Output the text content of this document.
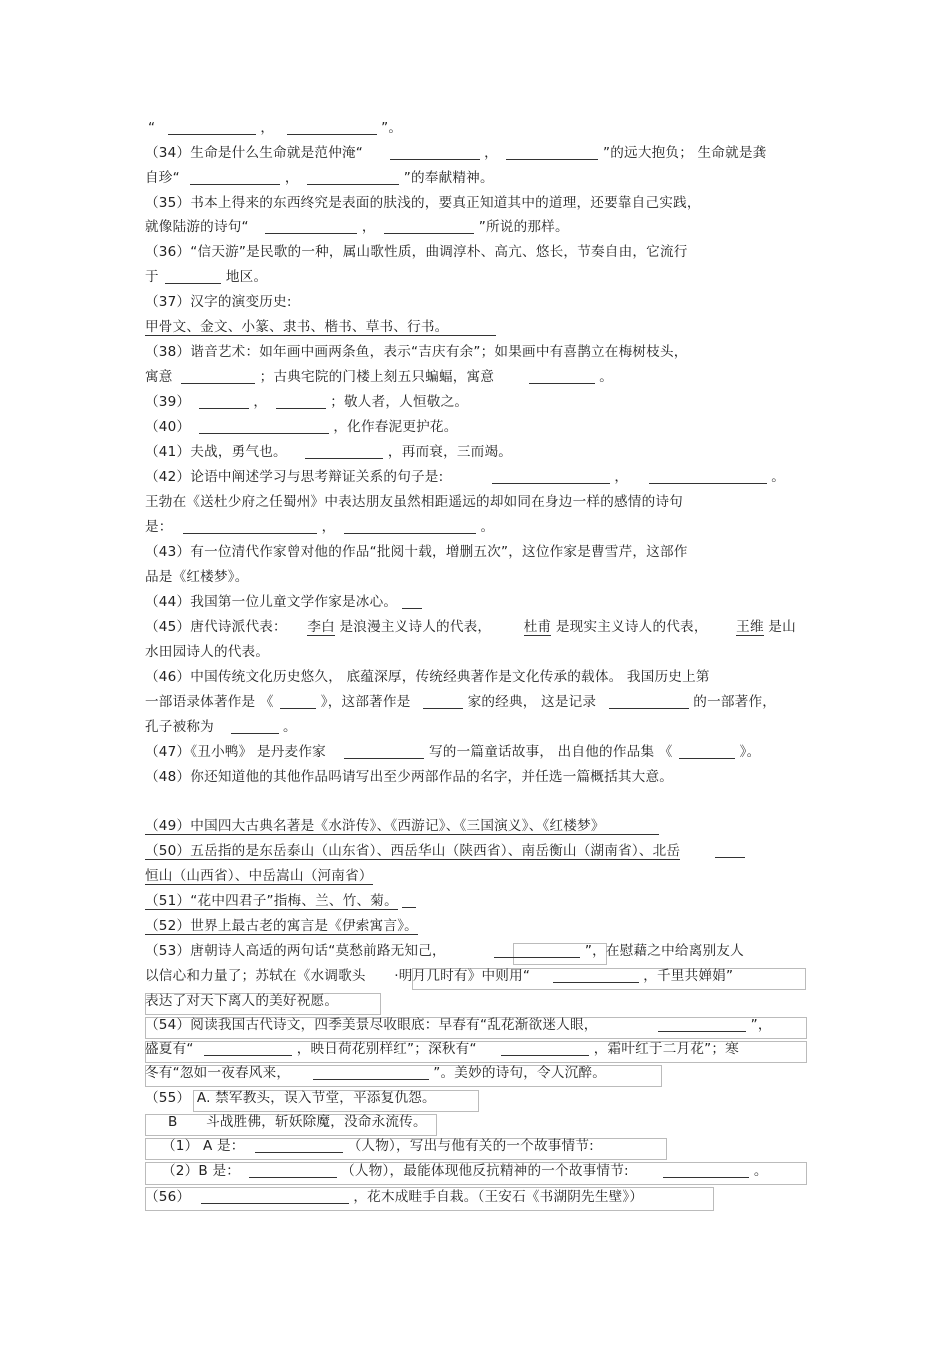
“	，	”。
（34）生命是什么生命就是范仲淹“	，	”的远大抱负； 生命就是龚
自珍“	，	”的奉献精神。
（35）书本上得来的东西终究是表面的肤浅的，要真正知道其中的道理，还要靠自己实践，
就像陆游的诗句“	，	”所说的那样。
（36）“信天游”是民歌的一种，属山歌性质，曲调淳朴、高亢、悠长，节奏自由，它流行
于	地区。
（37）汉字的演变历史:
甲骨文、金文、小篆、隶书、楷书、草书、行书。
（38）谐音艺术：如年画中画两条鱼，表示“吉庆有余”；如果画中有喜鹊立在梅树枝头，
寓意	；古典宅院的门楼上刻五只蝙蝠，寓意	。
（39）	，	；敬人者，人恒敬之。
（40）	，化作春泥更护花。
（41）夫战，勇气也。	，再而衰，三而竭。
（42）论语中阐述学习与思考辩证关系的句子是:	，	。
王勃在《送杜少府之任蜀州》中表达朋友虽然相距遥远的却如同在身边一样的感情的诗句
是：	，	。
（43）有一位清代作家曾对他的作品“批阅十载，增删五次”，这位作家是曹雪芹，这部作
品是《红楼梦》。
（44）我国第一位儿童文学作家是冰心。
（45）唐代诗派代表： 李白 是浪漫主义诗人的代表， 杜甫 是现实主义诗人的代表， 王维 是山
水田园诗人的代表。
（46）中国传统文化历史悠久， 底蕴深厚，传统经典著作是文化传承的载体。 我国历史上第
一部语录体著作是 《	》，这部著作是	家的经典， 这是记录	的一部著作，
孔子被称为	。
（47）《丑小鸭》 是丹麦作家	写的一篇童话故事， 出自他的作品集 《	》。
（48）你还知道他的其他作品吗请写出至少两部作品的名字，并任选一篇概括其大意。
（49）中国四大古典名著是《水浒传》、《西游记》、《三国演义》、《红楼梦》
（50）五岳指的是东岳泰山（山东省）、西岳华山（陕西省）、南岳衡山（湖南省）、北岳
恒山（山西省）、中岳嵩山（河南省）
（51）“花中四君子”指梅、兰、竹、菊。
（52）世界上最古老的寓言是《伊索寓言》。
（53）唐朝诗人高适的两句话“莫愁前路无知己，	”，在慰藉之中给离别友人
以信心和力量了；苏轼在《水调歌头 ·明月几时有》中则用“	，千里共婵娟”
表达了对天下离人的美好祝愿。
（54）阅读我国古代诗文，四季美景尽收眼底：早春有“乱花渐欲迷人眼，	”，
盛夏有“	，映日荷花别样红”；深秋有“	，霜叶红于二月花”；寒
冬有“忽如一夜春风来，	”。美妙的诗句，令人沉醉。
（55） A. 禁军教头，误入节堂，平添复仇怨。
B 斗战胜佛，斩妖除魔，没命永流传。
（1） A 是：	（人物），写出与他有关的一个故事情节:
（2）B 是：	（人物），最能体现他反抗精神的一个故事情节:	。
（56）	，花木成畦手自栽。（王安石《书湖阴先生壁》）
